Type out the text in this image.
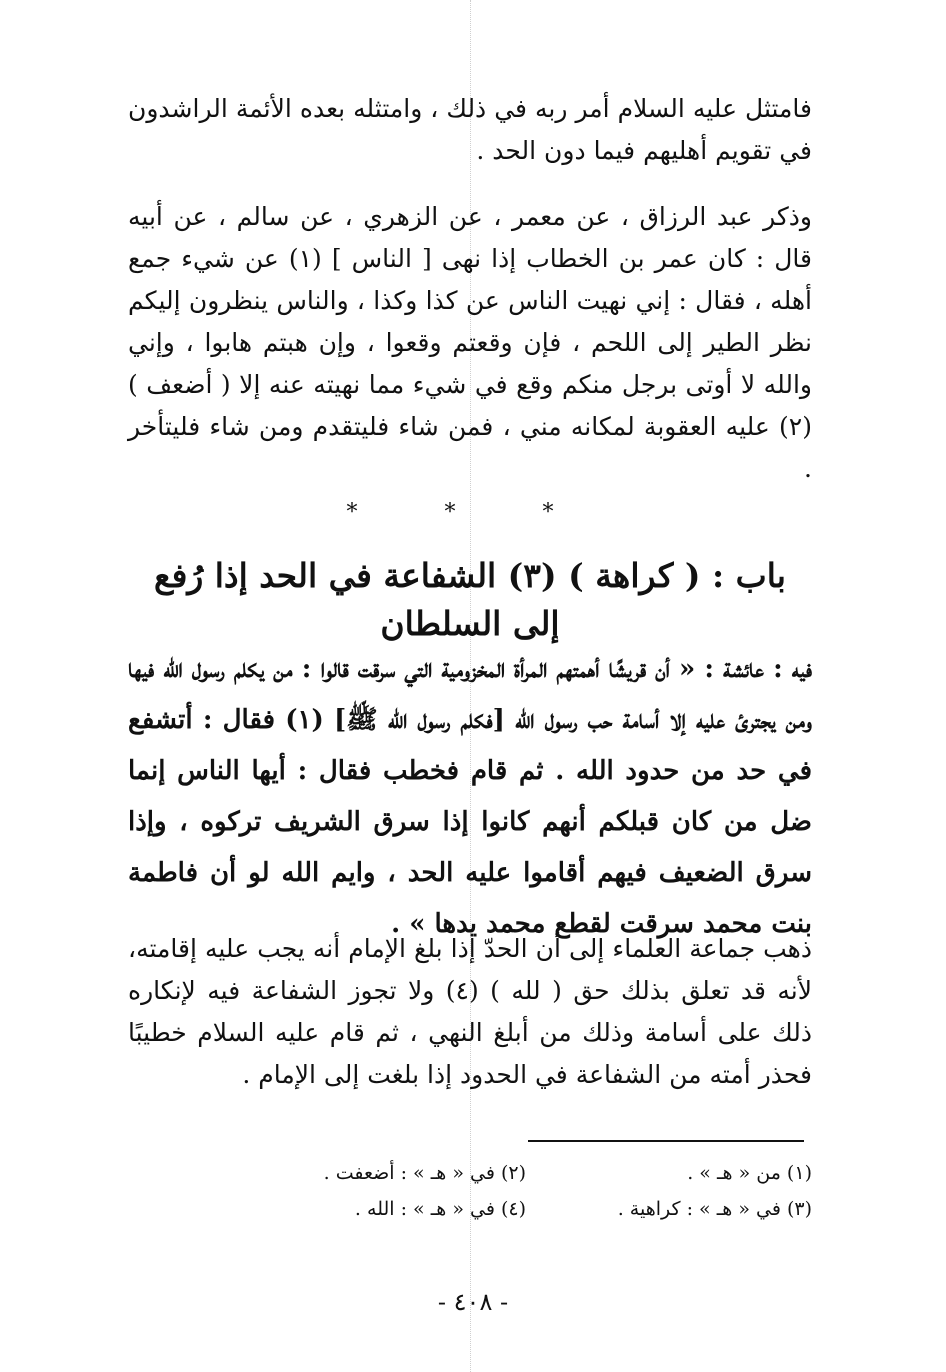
فامتثل عليه السلام أمر ربه في ذلك ، وامتثله بعده الأئمة الراشدون في تقويم أهليهم فيما دون الحد .

وذكر عبد الرزاق ، عن معمر ، عن الزهري ، عن سالم ، عن أبيه قال : كان عمر بن الخطاب إذا نهى [ الناس ] (١) عن شيء جمع أهله ، فقال : إني نهيت الناس عن كذا وكذا ، والناس ينظرون إليكم نظر الطير إلى اللحم ، فإن وقعتم وقعوا ، وإن هبتم هابوا ، وإني والله لا أوتى برجل منكم وقع في شيء مما نهيته عنه إلا ( أضعف )(٢) عليه العقوبة لمكانه مني ، فمن شاء فليتقدم ومن شاء فليتأخر .

* * *
باب : ( كراهة ) (٣) الشفاعة في الحد إذا رُفع إلى السلطان

فيه : عائشة : « أن قريشًا أهمتهم المرأة المخزومية التي سرقت قالوا : من يكلم رسول الله فيها ومن يجترئ عليه إلا أسامة حب رسول الله [فكلم رسول الله ﷺ] (١) فقال : أتشفع في حد من حدود الله . ثم قام فخطب فقال : أيها الناس إنما ضل من كان قبلكم أنهم كانوا إذا سرق الشريف تركوه ، وإذا سرق الضعيف فيهم أقاموا عليه الحد ، وايم الله لو أن فاطمة بنت محمد سرقت لقطع محمد يدها » .

ذهب جماعة العلماء إلى أن الحدّ إذا بلغ الإمام أنه يجب عليه إقامته، لأنه قد تعلق بذلك حق ( لله ) (٤) ولا تجوز الشفاعة فيه لإنكاره ذلك على أسامة وذلك من أبلغ النهي ، ثم قام عليه السلام خطيبًا فحذر أمته من الشفاعة في الحدود إذا بلغت إلى الإمام .

(١) من « هـ » .
(٢) في « هـ » : أضعفت .
(٣) في « هـ » : كراهية .
(٤) في « هـ » : الله .
- ٤٠٨ -
